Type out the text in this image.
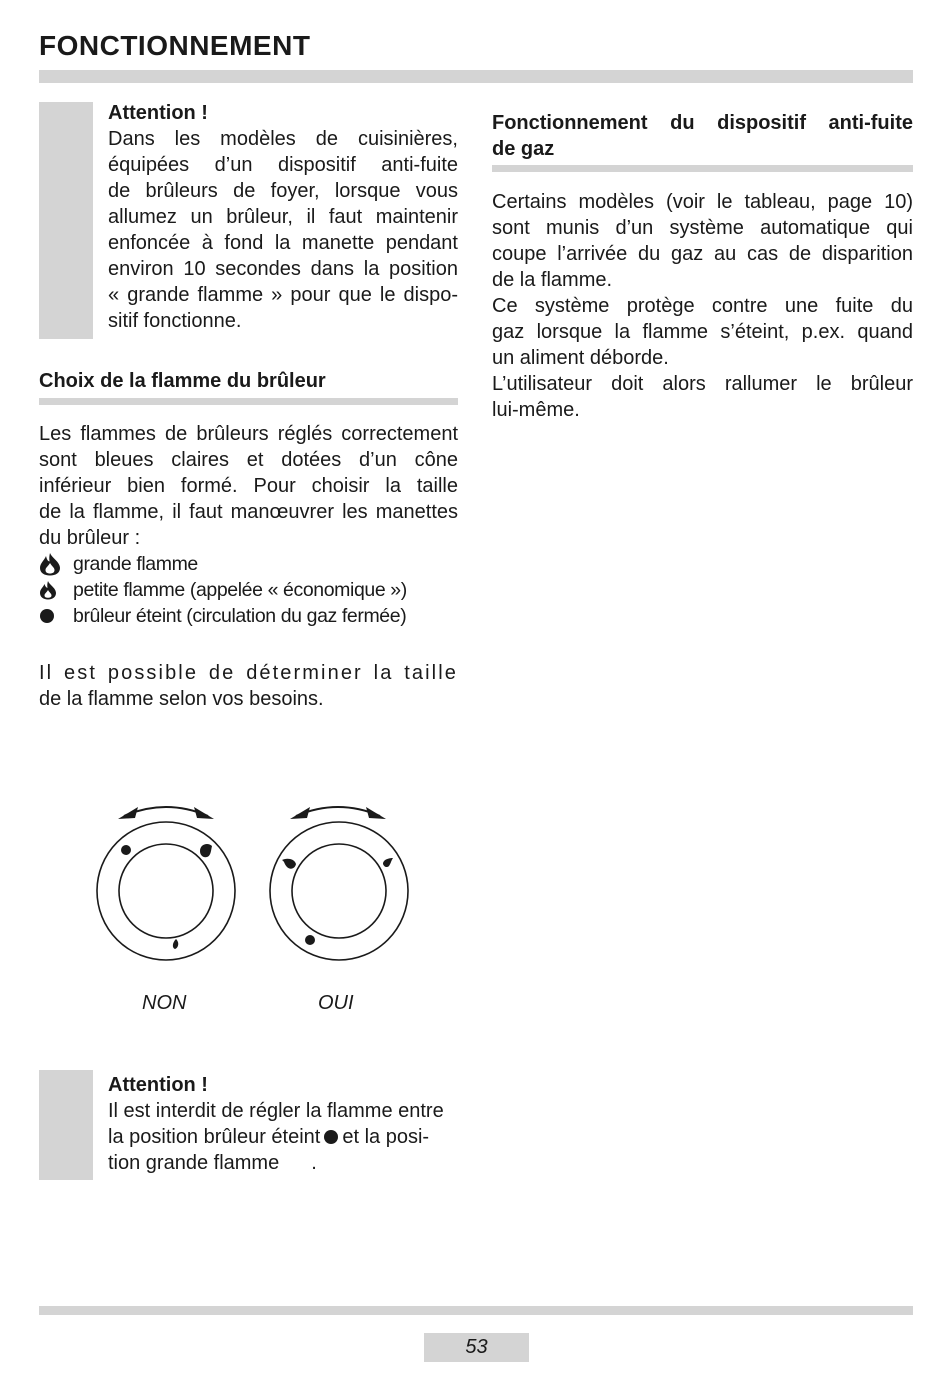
FONCTIONNEMENT

Attention !

Dans les modèles de cuisinières,
équipées d’un dispositif anti-fuite
de brûleurs de foyer, lorsque vous
allumez un brûleur, il faut maintenir
enfoncée à fond la manette pendant
environ 10 secondes dans la position
« grande flamme » pour que le dispo-
sitif fonctionne.

Choix de la flamme du brûleur

Les flammes de brûleurs réglés correctement
sont bleues claires et dotées d’un cône
inférieur bien formé. Pour choisir la taille
de la flamme, il faut manœuvrer les manettes
du brûleur :
grande flamme
petite flamme (appelée « économique »)
brûleur éteint (circulation du gaz fermée)
Il est possible de déterminer la taille
de la flamme selon vos besoins.
NON	OUI

Attention !

Il est interdit de régler la flamme entre
la position brûleur éteint et la posi-
tion grande flamme .

Fonctionnement du dispositif anti-fuite
de gaz

Certains modèles (voir le tableau, page 10)
sont munis d’un système automatique qui
coupe l’arrivée du gaz au cas de disparition
de la flamme.
Ce système protège contre une fuite du
gaz lorsque la flamme s’éteint, p.ex. quand
un aliment déborde.
L’utilisateur doit alors rallumer le brûleur
lui-même.
53
